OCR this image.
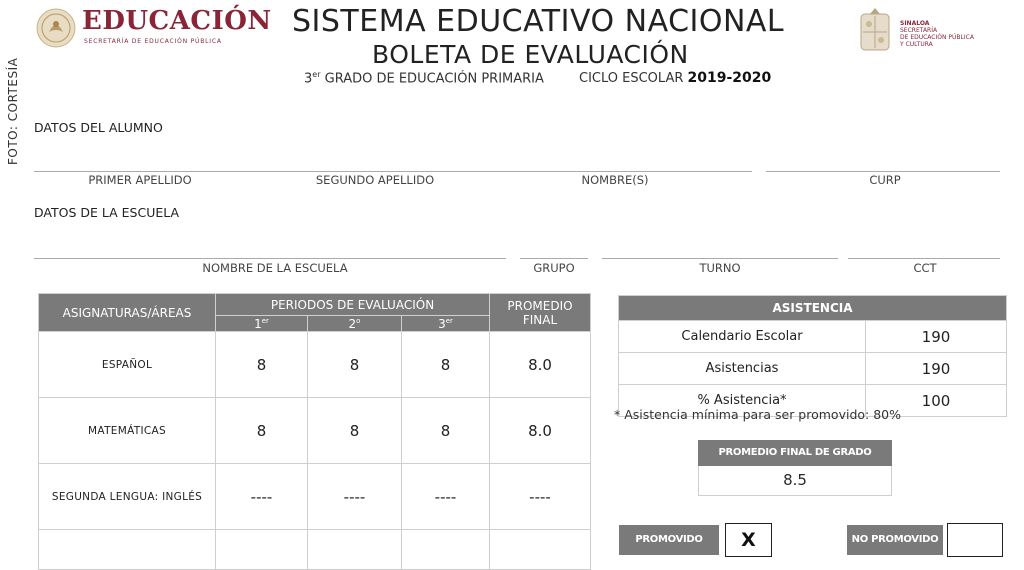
FOTO: CORTESÍA
EDUCACIÓN
SECRETARÍA DE EDUCACIÓN PÚBLICA
SISTEMA EDUCATIVO NACIONAL
BOLETA DE EVALUACIÓN
3er GRADO DE EDUCACIÓN PRIMARIA	CICLO ESCOLAR 2019-2020
SINALOA
SECRETARÍA
DE EDUCACIÓN PÚBLICA
Y CULTURA
DATOS DEL ALUMNO
PRIMER APELLIDO	SEGUNDO APELLIDO	NOMBRE(S)	CURP
DATOS DE LA ESCUELA
NOMBRE DE LA ESCUELA	GRUPO	TURNO	CCT
ASIGNATURAS/ÁREAS	PERIODOS DE EVALUACIÓN			PROMEDIO FINAL
	1er	2$^o$	3er
ESPAÑOL	8	8	8	8.0
MATEMÁTICAS	8	8	8	8.0
SEGUNDA LENGUA: INGLÉS	----	----	----	----

ASISTENCIA	
Calendario Escolar	190
Asistencias	190
% Asistencia*	100
* Asistencia mínima para ser promovido: 80%
PROMEDIO FINAL DE GRADO
8.5
PROMOVIDO	X	NO PROMOVIDO
